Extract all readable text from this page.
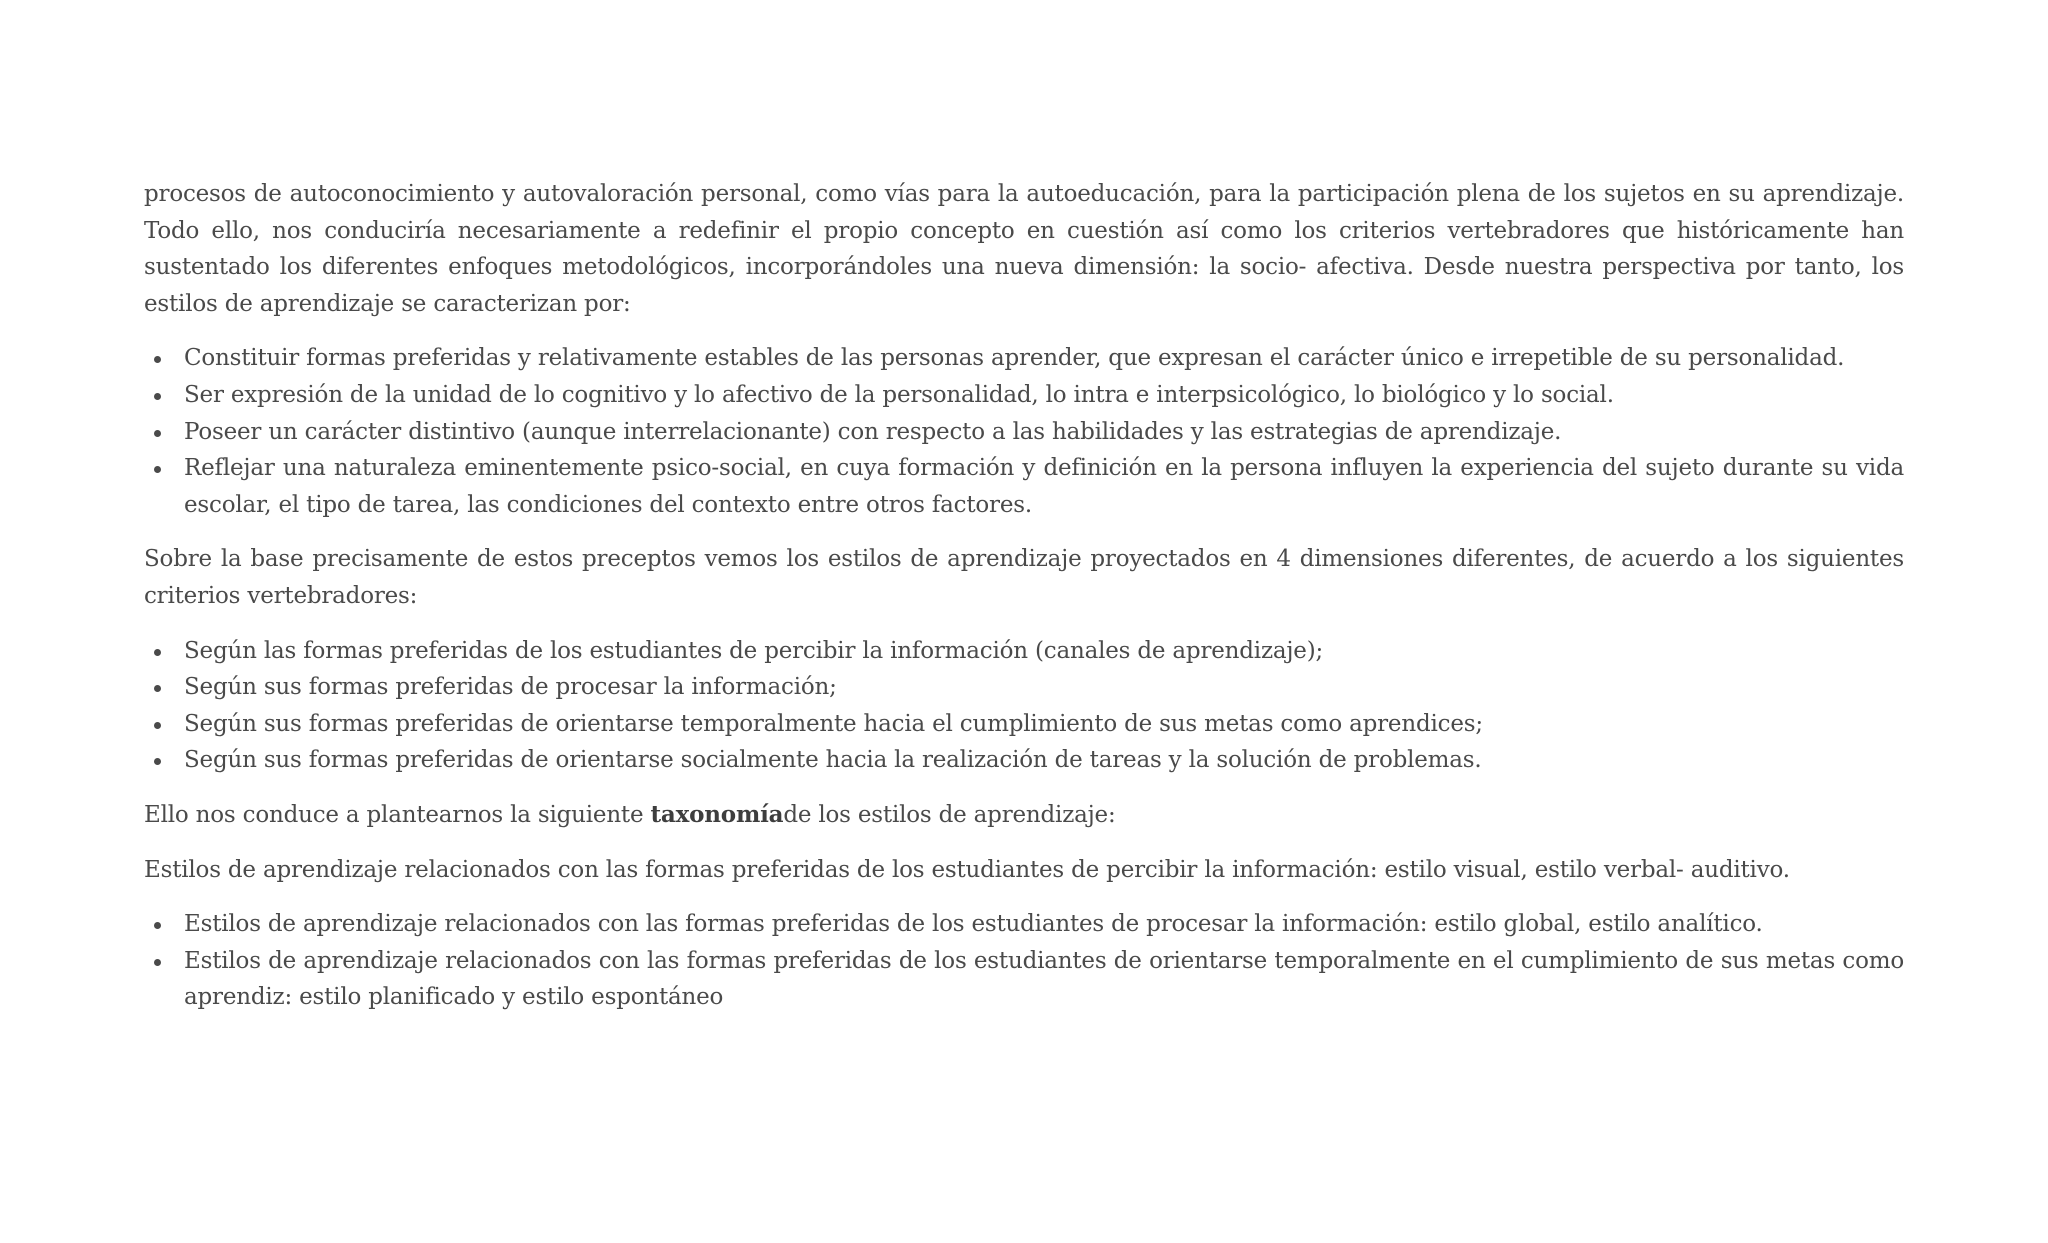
procesos de autoconocimiento y autovaloración personal, como vías para la autoeducación, para la participación plena de los sujetos en su aprendizaje. Todo ello, nos conduciría necesariamente a redefinir el propio concepto en cuestión así como los criterios vertebradores que históricamente han sustentado los diferentes enfoques metodológicos, incorporándoles una nueva dimensión: la socio- afectiva. Desde nuestra perspectiva por tanto, los estilos de aprendizaje se caracterizan por:

Constituir formas preferidas y relativamente estables de las personas aprender, que expresan el carácter único e irrepetible de su personalidad.
Ser expresión de la unidad de lo cognitivo y lo afectivo de la personalidad, lo intra e interpsicológico, lo biológico y lo social.
Poseer un carácter distintivo (aunque interrelacionante) con respecto a las habilidades y las estrategias de aprendizaje.
Reflejar una naturaleza eminentemente psico-social, en cuya formación y definición en la persona influyen la experiencia del sujeto durante su vida escolar, el tipo de tarea, las condiciones del contexto entre otros factores.

Sobre la base precisamente de estos preceptos vemos los estilos de aprendizaje proyectados en 4 dimensiones diferentes, de acuerdo a los siguientes criterios vertebradores:

Según las formas preferidas de los estudiantes de percibir la información (canales de aprendizaje);
Según sus formas preferidas de procesar la información;
Según sus formas preferidas de orientarse temporalmente hacia el cumplimiento de sus metas como aprendices;
Según sus formas preferidas de orientarse socialmente hacia la realización de tareas y la solución de problemas.

Ello nos conduce a plantearnos la siguiente taxonomíade los estilos de aprendizaje:

Estilos de aprendizaje relacionados con las formas preferidas de los estudiantes de percibir la información: estilo visual, estilo verbal- auditivo.

Estilos de aprendizaje relacionados con las formas preferidas de los estudiantes de procesar la información: estilo global, estilo analítico.
Estilos de aprendizaje relacionados con las formas preferidas de los estudiantes de orientarse temporalmente en el cumplimiento de sus metas como aprendiz: estilo planificado y estilo espontáneo
